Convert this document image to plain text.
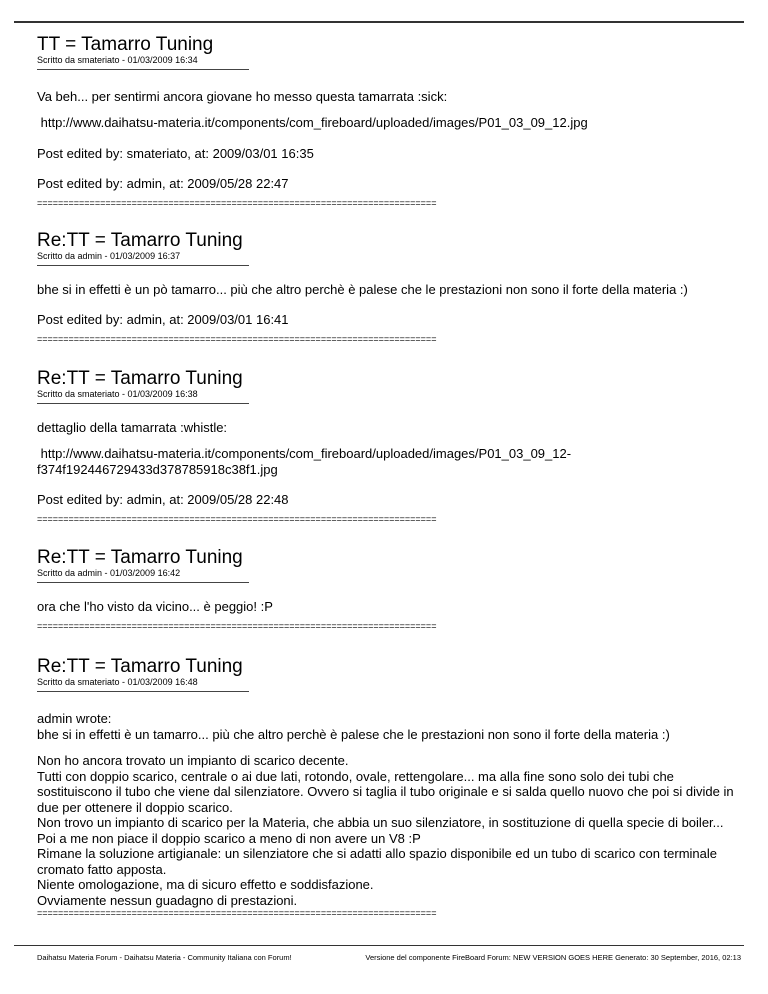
TT = Tamarro Tuning
Scritto da smateriato - 01/03/2009 16:34
Va beh... per sentirmi ancora giovane ho messo questa tamarrata :sick:
http://www.daihatsu-materia.it/components/com_fireboard/uploaded/images/P01_03_09_12.jpg
Post edited by: smateriato, at: 2009/03/01 16:35
Post edited by: admin, at: 2009/05/28 22:47
============================================================================
Re:TT = Tamarro Tuning
Scritto da admin - 01/03/2009 16:37
bhe si in effetti è un pò tamarro... più che altro perchè è palese che le prestazioni non sono il forte della materia :)
Post edited by: admin, at: 2009/03/01 16:41
============================================================================
Re:TT = Tamarro Tuning
Scritto da smateriato - 01/03/2009 16:38
dettaglio della tamarrata :whistle:
http://www.daihatsu-materia.it/components/com_fireboard/uploaded/images/P01_03_09_12-
f374f192446729433d378785918c38f1.jpg
Post edited by: admin, at: 2009/05/28 22:48
============================================================================
Re:TT = Tamarro Tuning
Scritto da admin - 01/03/2009 16:42
ora che l'ho visto da vicino... è peggio! :P
============================================================================
Re:TT = Tamarro Tuning
Scritto da smateriato - 01/03/2009 16:48
admin wrote:
bhe si in effetti è un tamarro... più che altro perchè è palese che le prestazioni non sono il forte della materia :)
Non ho ancora trovato un impianto di scarico decente.
Tutti con doppio scarico, centrale o ai due lati, rotondo, ovale, rettengolare... ma alla fine sono solo dei tubi che
sostituiscono il tubo che viene dal silenziatore. Ovvero si taglia il tubo originale e si salda quello nuovo che poi si divide in
due per ottenere il doppio scarico.
Non trovo un impianto di scarico per la Materia, che abbia un suo silenziatore, in sostituzione di quella specie di boiler...
Poi a me non piace il doppio scarico a meno di non avere un V8 :P
Rimane la soluzione artigianale: un silenziatore che si adatti allo spazio disponibile ed un tubo di scarico con terminale
cromato fatto apposta.
Niente omologazione, ma di sicuro effetto e soddisfazione.
Ovviamente nessun guadagno di prestazioni.
============================================================================
Daihatsu Materia Forum - Daihatsu Materia - Community Italiana con Forum!	Versione del componente FireBoard Forum: NEW VERSION GOES HERE Generato: 30 September, 2016, 02:13
